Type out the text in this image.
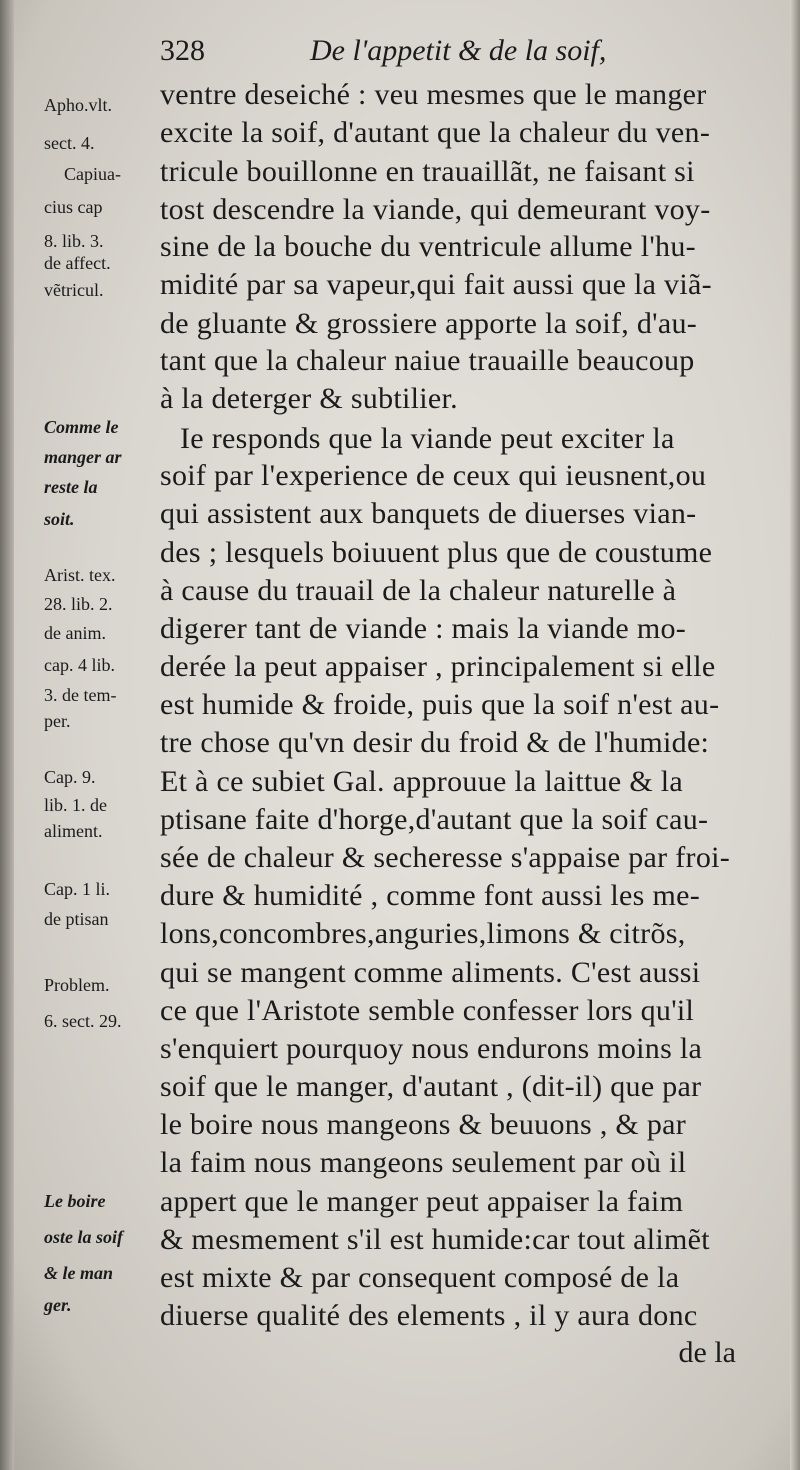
328	De l'appetit & de la soif,
ventre deseiché : veu mesmes que le manger
excite la soif, d'autant que la chaleur du ven-
tricule bouillonne en trauaillãt, ne faisant si
tost descendre la viande, qui demeurant voy-
sine de la bouche du ventricule allume l'hu-
midité par sa vapeur,qui fait aussi que la viã-
de gluante & grossiere apporte la soif, d'au-
tant que la chaleur naiue trauaille beaucoup
à la deterger & subtilier.
Ie responds que la viande peut exciter la
soif par l'experience de ceux qui ieusnent,ou
qui assistent aux banquets de diuerses vian-
des ; lesquels boiuuent plus que de coustume
à cause du trauail de la chaleur naturelle à
digerer tant de viande : mais la viande mo-
derée la peut appaiser , principalement si elle
est humide & froide, puis que la soif n'est au-
tre chose qu'vn desir du froid & de l'humide:
Et à ce subiet Gal. approuue la laittue & la
ptisane faite d'horge,d'autant que la soif cau-
sée de chaleur & secheresse s'appaise par froi-
dure & humidité , comme font aussi les me-
lons,concombres,anguries,limons & citrõs,
qui se mangent comme aliments. C'est aussi
ce que l'Aristote semble confesser lors qu'il
s'enquiert pourquoy nous endurons moins la
soif que le manger, d'autant , (dit-il) que par
le boire nous mangeons & beuuons , & par
la faim nous mangeons seulement par où il
appert que le manger peut appaiser la faim
& mesmement s'il est humide:car tout alimẽt
est mixte & par consequent composé de la
diuerse qualité des elements , il y aura donc
Apho.vlt.
sect. 4.
Capiua-
cius cap
8. lib. 3.
de affect.
vẽtricul.
Comme le
manger ar
reste la
soit.
Arist. tex.
28. lib. 2.
de anim.
cap. 4 lib.
3. de tem-
per.
Cap. 9.
lib. 1. de
aliment.
Cap. 1 li.
de ptisan
Problem.
6. sect. 29.
Le boire
oste la soif
& le man
ger.
de la
